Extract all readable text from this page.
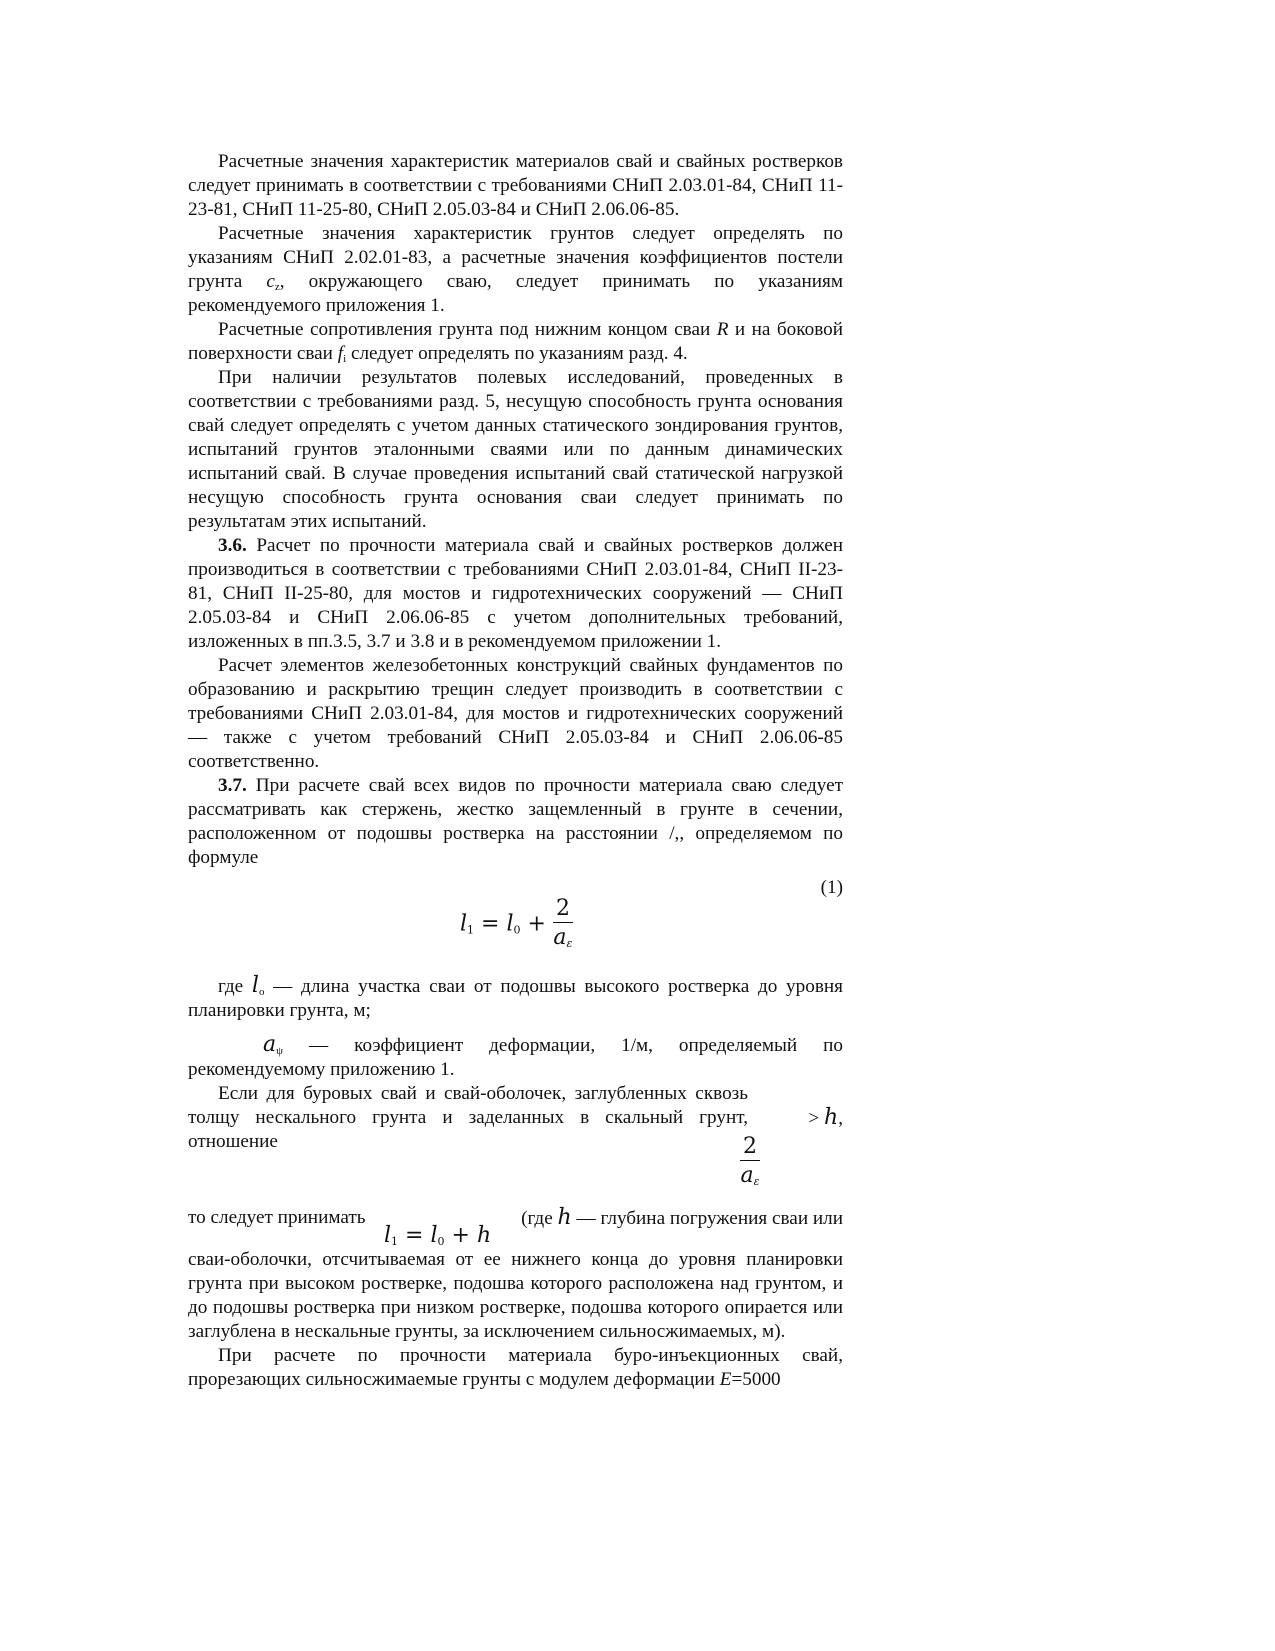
Расчетные значения характеристик материалов свай и свайных ростверков следует принимать в соответствии с требованиями СНиП 2.03.01-84, СНиП 11-23-81, СНиП 11-25-80, СНиП 2.05.03-84 и СНиП 2.06.06-85.

Расчетные значения характеристик грунтов следует определять по указаниям СНиП 2.02.01-83, а расчетные значения коэффициентов постели грунта $c_z$, окружающего сваю, следует принимать по указаниям рекомендуемого приложения 1.

Расчетные сопротивления грунта под нижним концом сваи R и на боковой поверхности сваи $f_i$ следует определять по указаниям разд. 4.

При наличии результатов полевых исследований, проведенных в соответствии с требованиями разд. 5, несущую способность грунта основания свай следует определять с учетом данных статического зондирования грунтов, испытаний грунтов эталонными сваями или по данным динамических испытаний свай. В случае проведения испытаний свай статической нагрузкой несущую способность грунта основания сваи следует принимать по результатам этих испытаний.

3.6. Расчет по прочности материала свай и свайных ростверков должен производиться в соответствии с требованиями СНиП 2.03.01-84, СНиП II-23-81, СНиП II-25-80, для мостов и гидротехнических сооружений — СНиП 2.05.03-84 и СНиП 2.06.06-85 с учетом дополнительных требований, изложенных в пп.3.5, 3.7 и 3.8 и в рекомендуемом приложении 1.

Расчет элементов железобетонных конструкций свайных фундаментов по образованию и раскрытию трещин следует производить в соответствии с требованиями СНиП 2.03.01-84, для мостов и гидротехнических сооружений — также с учетом требований СНиП 2.05.03-84 и СНиП 2.06.06-85 соответственно.

3.7. При расчете свай всех видов по прочности материала сваю следует рассматривать как стержень, жестко защемленный в грунте в сечении, расположенном от подошвы ростверка на расстоянии /,, определяемом по формуле

(1)
$l_1 = l_0 + \frac{2}{a_\varepsilon}$

где $l_o$ — длина участка сваи от подошвы высокого ростверка до уровня планировки грунта, м;

$a_\psi$ — коэффициент деформации, 1/м, определяемый по рекомендуемому приложению 1.

Если для буровых свай и свай-оболочек, заглубленных сквозь толщу нескального грунта и заделанных в скальный грунт, отношение

> h,
$\frac{2}{a_\varepsilon}$
то следует принимать
$l_1 = l_0 + h$
(где h — глубина погружения сваи или

сваи-оболочки, отсчитываемая от ее нижнего конца до уровня планировки грунта при высоком ростверке, подошва которого расположена над грунтом, и до подошвы ростверка при низком ростверке, подошва которого опирается или заглублена в нескальные грунты, за исключением сильносжимаемых, м).

При расчете по прочности материала буро-инъекционных свай, прорезающих сильносжимаемые грунты с модулем деформации E=5000
